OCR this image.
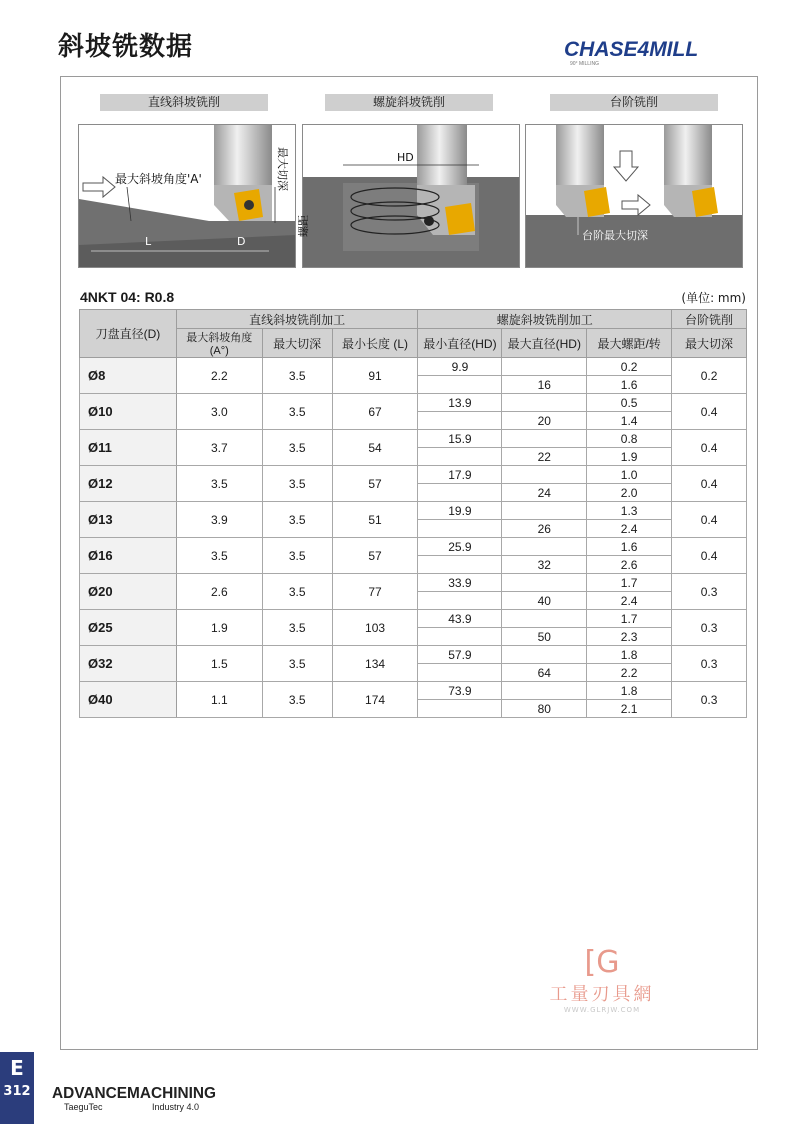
斜坡铣数据	CHASE4MILL
90° MILLING
直线斜坡铣削	螺旋斜坡铣削	台阶铣削
最大斜坡角度'A'	最大切深
L	D
HD
螺距	台阶最大切深
4NKT 04: R0.8	(单位: mm)
刀盘直径(D)	直线斜坡铣削加工			螺旋斜坡铣削加工			台阶铣削
	最大斜坡角度 (A°)	最大切深	最小长度 (L)	最小直径(HD)	最大直径(HD)	最大螺距/转	最大切深
Ø8	2.2	3.5	91	9.9		0.2	0.2
					16	1.6	
Ø10	3.0	3.5	67	13.9		0.5	0.4
					20	1.4	
Ø11	3.7	3.5	54	15.9		0.8	0.4
					22	1.9	
Ø12	3.5	3.5	57	17.9		1.0	0.4
					24	2.0	
Ø13	3.9	3.5	51	19.9		1.3	0.4
					26	2.4	
Ø16	3.5	3.5	57	25.9		1.6	0.4
					32	2.6	
Ø20	2.6	3.5	77	33.9		1.7	0.3
					40	2.4	
Ø25	1.9	3.5	103	43.9		1.7	0.3
					50	2.3	
Ø32	1.5	3.5	134	57.9		1.8	0.3
					64	2.2	
Ø40	1.1	3.5	174	73.9		1.8	0.3
					80	2.1	
[G
工量刃具網
WWW.GLRJW.COM
E
312 ADVANCEMACHINING
TaeguTec	Industry 4.0
